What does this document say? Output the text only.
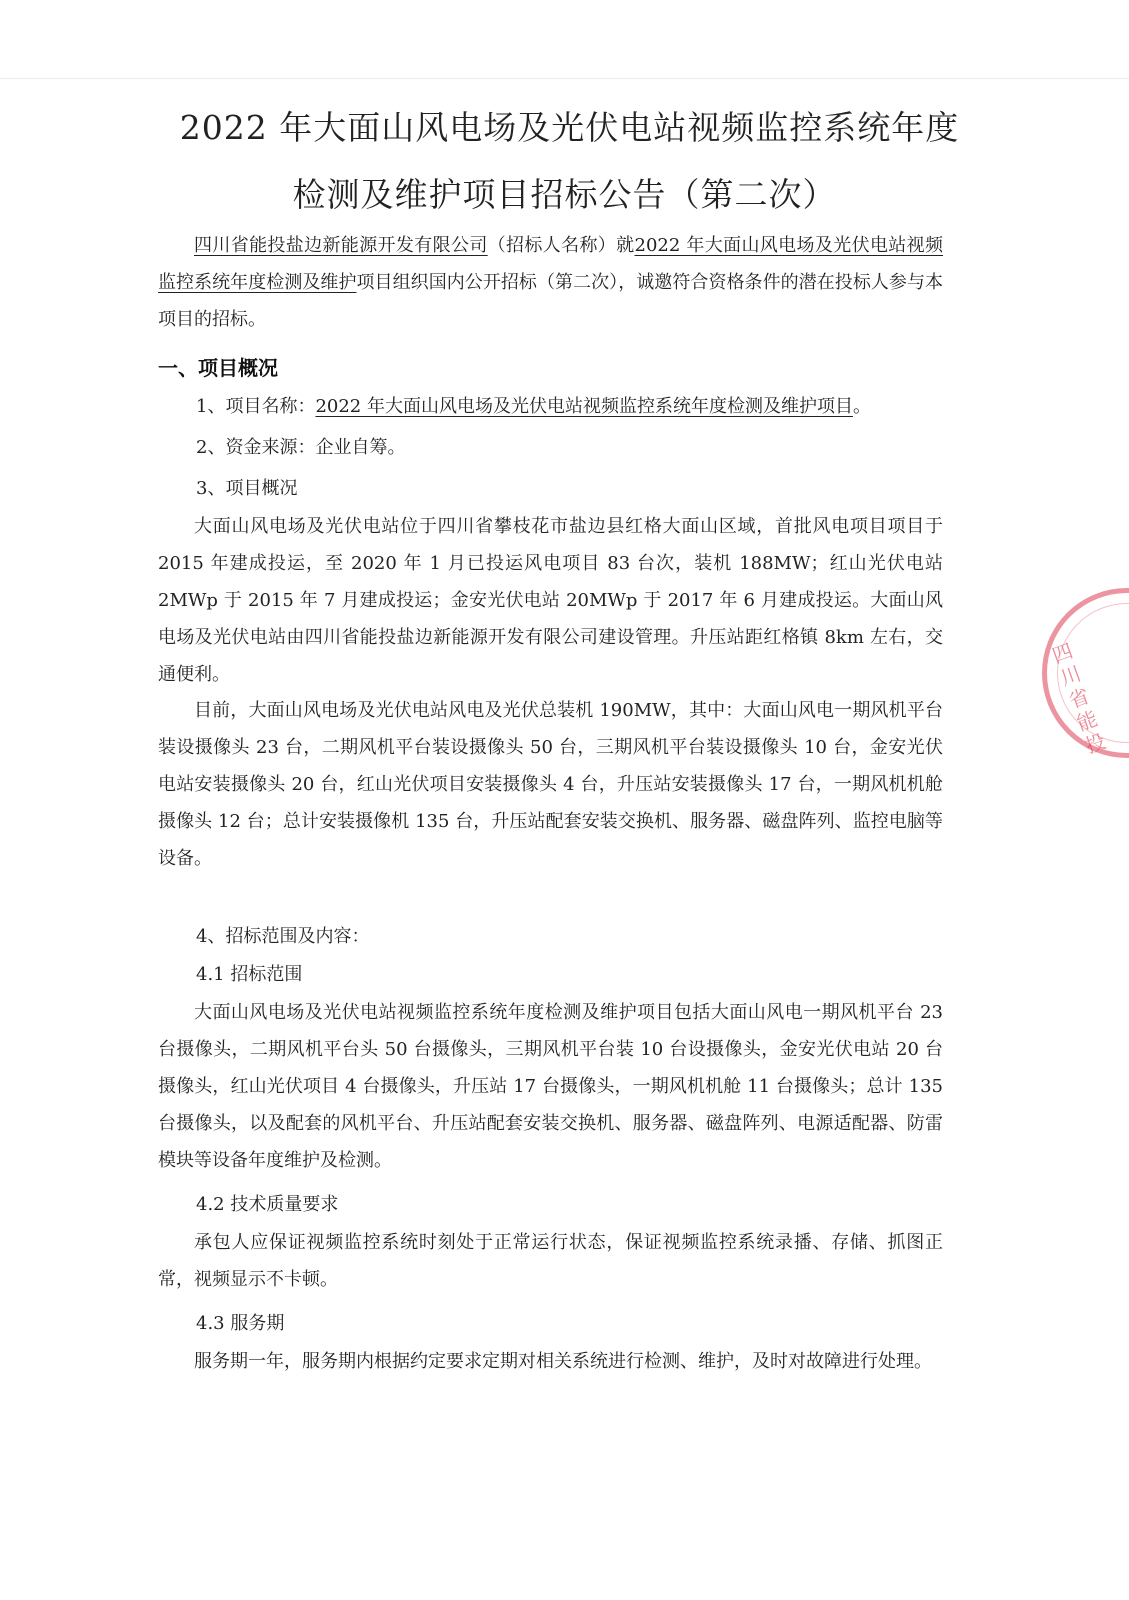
2022 年大面山风电场及光伏电站视频监控系统年度
检测及维护项目招标公告（第二次）
四川省能投盐边新能源开发有限公司（招标人名称）就2022 年大面山风电场及光伏电站视频监控系统年度检测及维护项目组织国内公开招标（第二次），诚邀符合资格条件的潜在投标人参与本项目的招标。
一、项目概况
1、项目名称：2022 年大面山风电场及光伏电站视频监控系统年度检测及维护项目。
2、资金来源：企业自筹。
3、项目概况
大面山风电场及光伏电站位于四川省攀枝花市盐边县红格大面山区域，首批风电项目项目于 2015 年建成投运，至 2020 年 1 月已投运风电项目 83 台次，装机 188MW；红山光伏电站 2MWp 于 2015 年 7 月建成投运；金安光伏电站 20MWp 于 2017 年 6 月建成投运。大面山风电场及光伏电站由四川省能投盐边新能源开发有限公司建设管理。升压站距红格镇 8km 左右，交通便利。
目前，大面山风电场及光伏电站风电及光伏总装机 190MW，其中：大面山风电一期风机平台装设摄像头 23 台，二期风机平台装设摄像头 50 台，三期风机平台装设摄像头 10 台，金安光伏电站安装摄像头 20 台，红山光伏项目安装摄像头 4 台，升压站安装摄像头 17 台，一期风机机舱摄像头 12 台；总计安装摄像机 135 台，升压站配套安装交换机、服务器、磁盘阵列、监控电脑等设备。
4、招标范围及内容：
4.1 招标范围
大面山风电场及光伏电站视频监控系统年度检测及维护项目包括大面山风电一期风机平台 23 台摄像头，二期风机平台头 50 台摄像头，三期风机平台装 10 台设摄像头，金安光伏电站 20 台摄像头，红山光伏项目 4 台摄像头，升压站 17 台摄像头，一期风机机舱 11 台摄像头；总计 135 台摄像头，以及配套的风机平台、升压站配套安装交换机、服务器、磁盘阵列、电源适配器、防雷模块等设备年度维护及检测。
4.2 技术质量要求
承包人应保证视频监控系统时刻处于正常运行状态，保证视频监控系统录播、存储、抓图正常，视频显示不卡顿。
4.3 服务期
服务期一年，服务期内根据约定要求定期对相关系统进行检测、维护，及时对故障进行处理。
四川省能投
